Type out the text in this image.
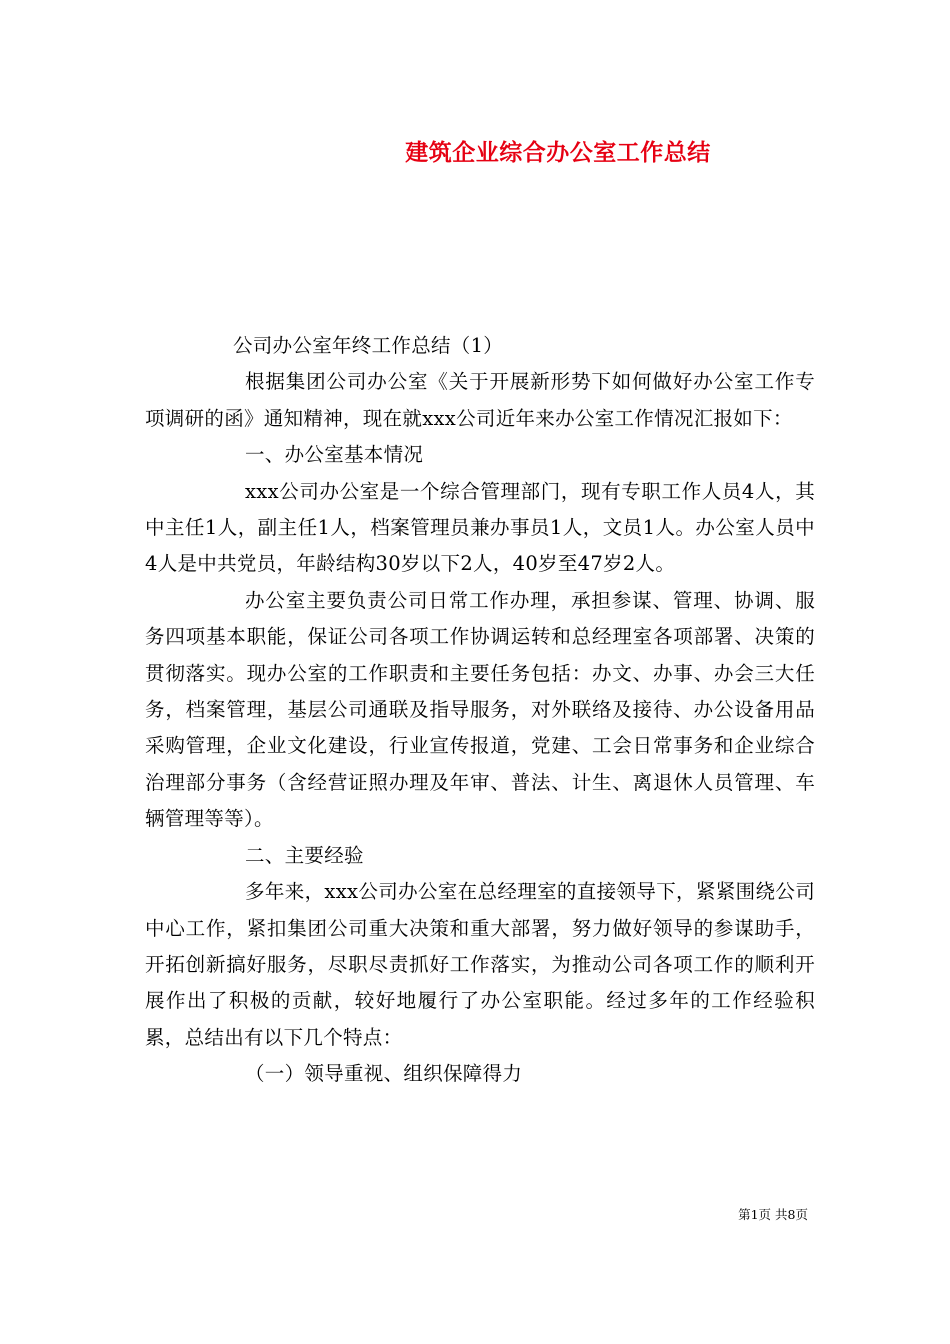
建筑企业综合办公室工作总结

公司办公室年终工作总结（1）

根据集团公司办公室《关于开展新形势下如何做好办公室工作专项调研的函》通知精神，现在就xxx公司近年来办公室工作情况汇报如下：

一、办公室基本情况

xxx公司办公室是一个综合管理部门，现有专职工作人员4人，其中主任1人，副主任1人，档案管理员兼办事员1人，文员1人。办公室人员中4人是中共党员，年龄结构30岁以下2人，40岁至47岁2人。

办公室主要负责公司日常工作办理，承担参谋、管理、协调、服务四项基本职能，保证公司各项工作协调运转和总经理室各项部署、决策的贯彻落实。现办公室的工作职责和主要任务包括：办文、办事、办会三大任务，档案管理，基层公司通联及指导服务，对外联络及接待、办公设备用品采购管理，企业文化建设，行业宣传报道，党建、工会日常事务和企业综合治理部分事务（含经营证照办理及年审、普法、计生、离退休人员管理、车辆管理等等）。

二、主要经验

多年来，xxx公司办公室在总经理室的直接领导下，紧紧围绕公司中心工作，紧扣集团公司重大决策和重大部署，努力做好领导的参谋助手，开拓创新搞好服务，尽职尽责抓好工作落实，为推动公司各项工作的顺利开展作出了积极的贡献，较好地履行了办公室职能。经过多年的工作经验积累，总结出有以下几个特点：

（一）领导重视、组织保障得力

第1页 共8页
